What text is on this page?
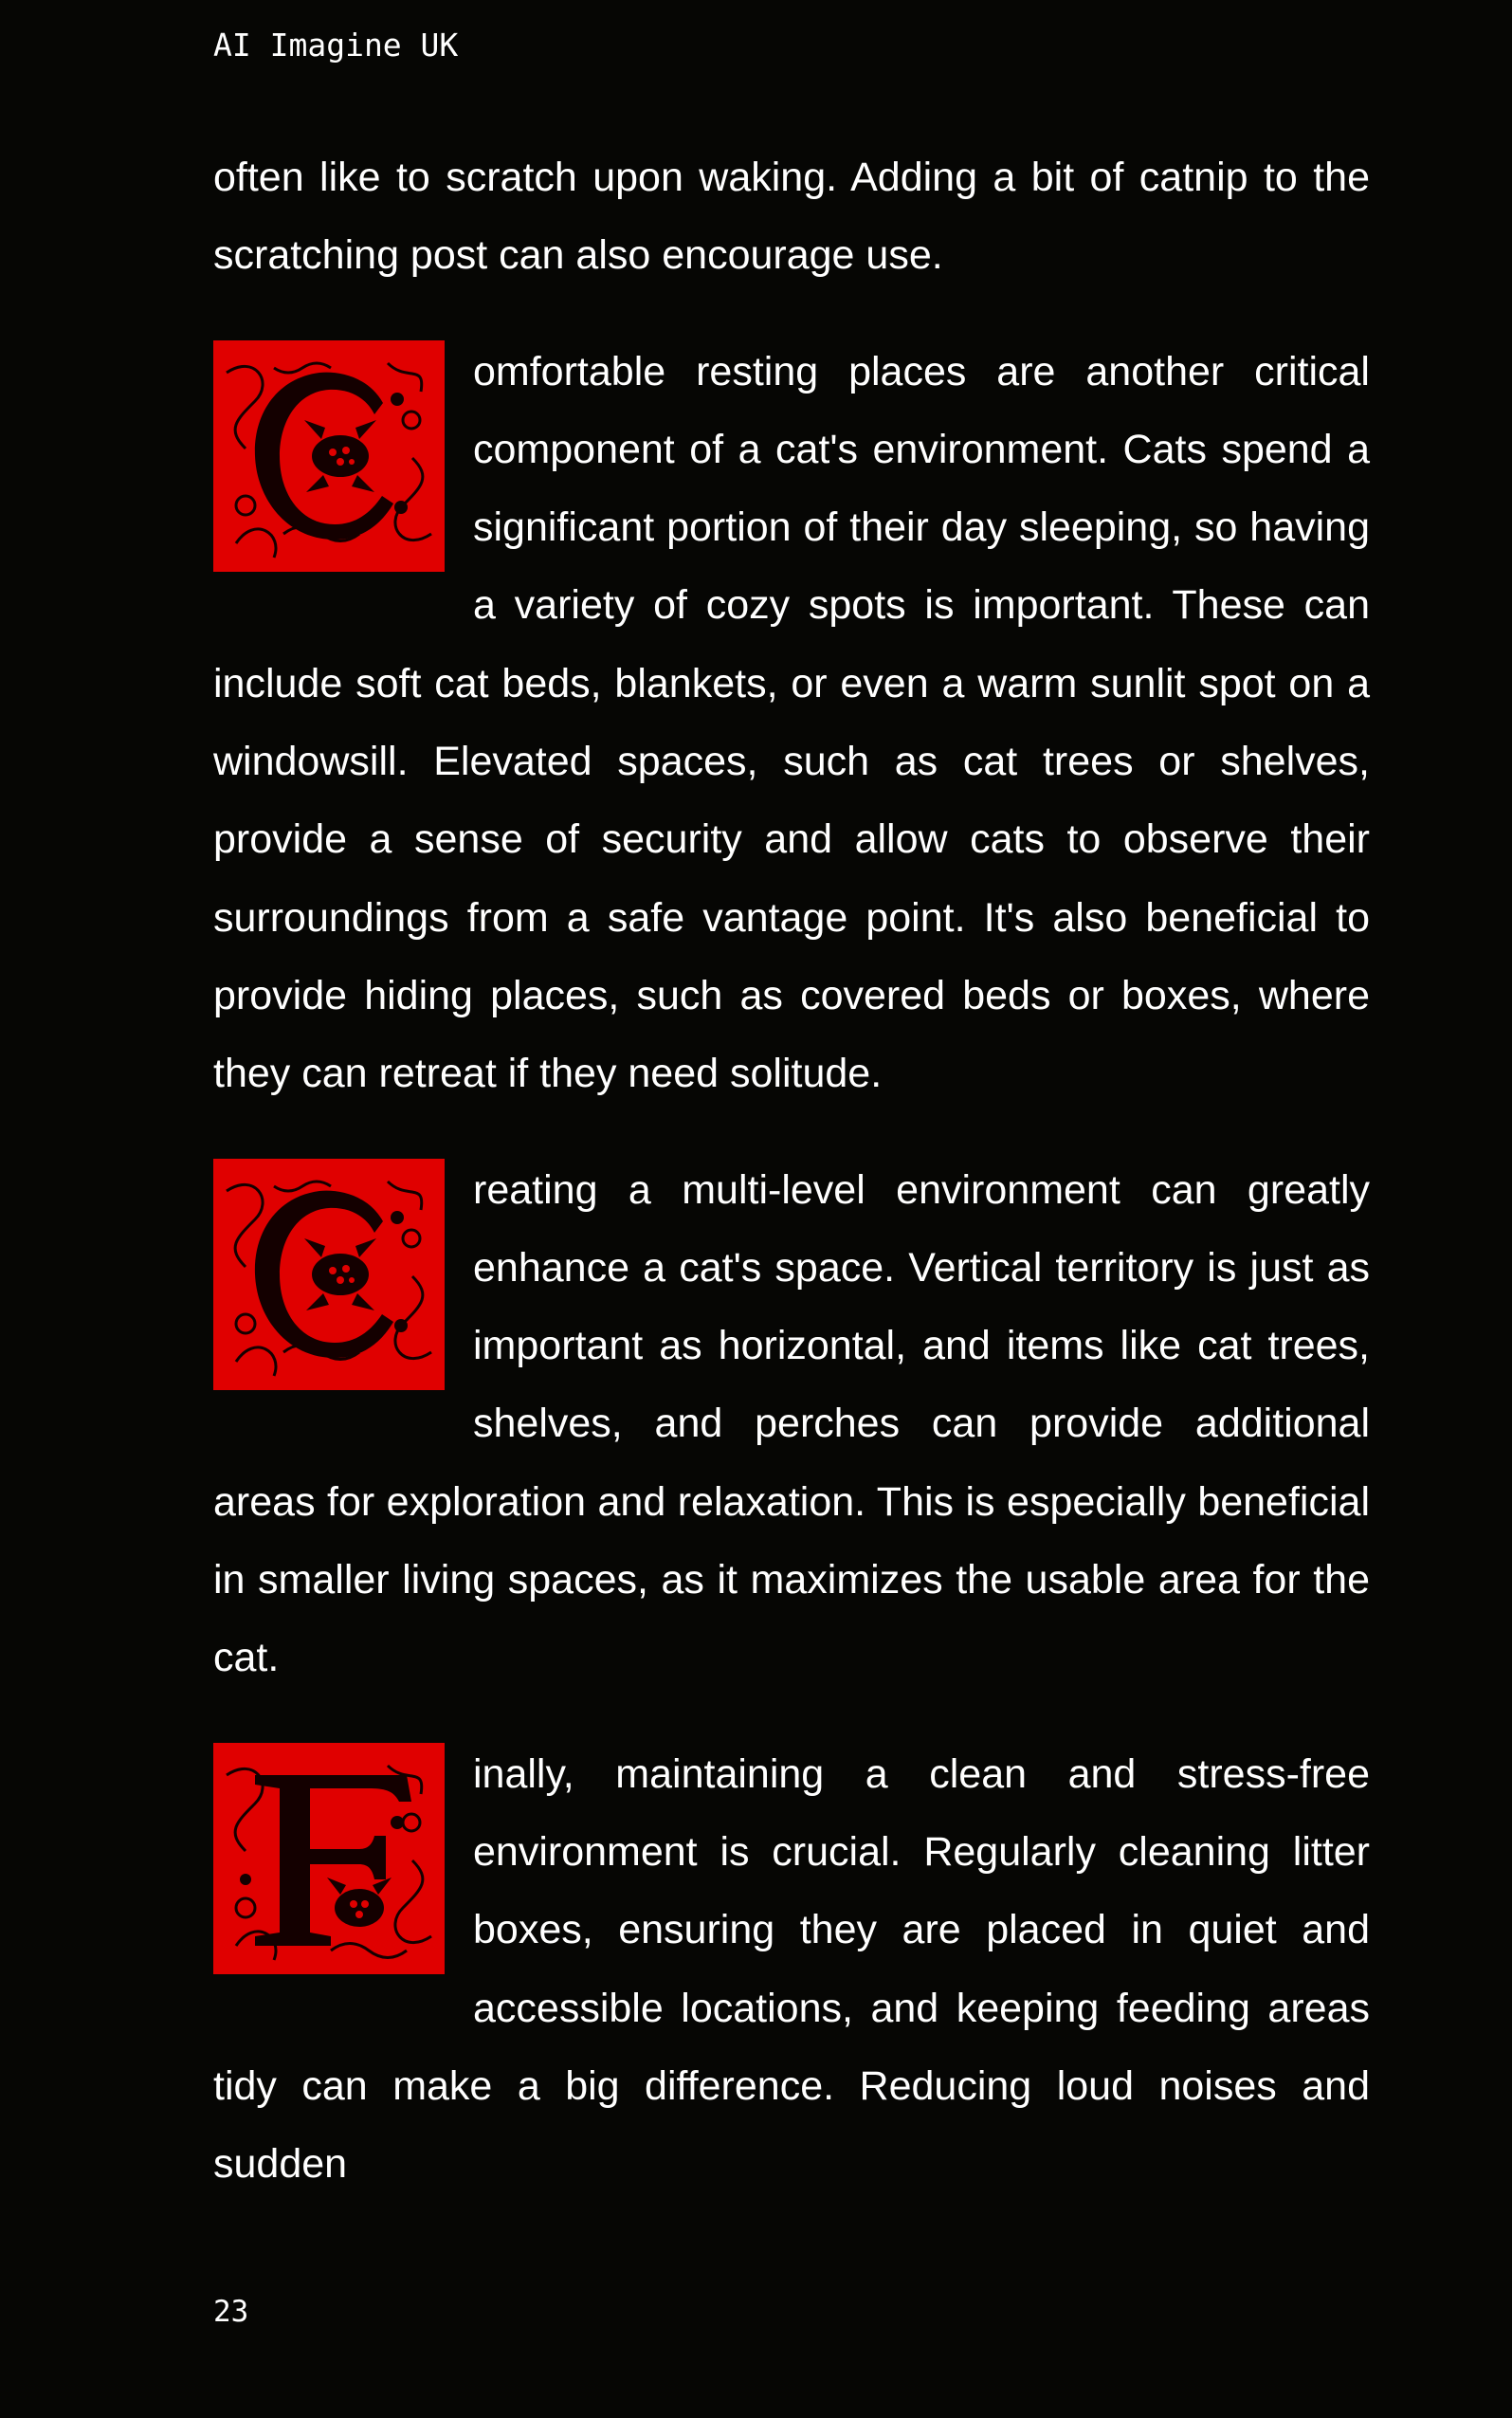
AI Imagine UK

often like to scratch upon waking. Adding a bit of catnip to the scratching post can also encourage use.

omfortable resting places are another critical component of a cat's environment. Cats spend a significant portion of their day sleeping, so having a variety of cozy spots is important. These can include soft cat beds, blankets, or even a warm sunlit spot on a windowsill. Elevated spaces, such as cat trees or shelves, provide a sense of security and allow cats to observe their surroundings from a safe vantage point. It's also beneficial to provide hiding places, such as covered beds or boxes, where they can retreat if they need solitude.

reating a multi-level environment can greatly enhance a cat's space. Vertical territory is just as important as horizontal, and items like cat trees, shelves, and perches can provide additional areas for exploration and relaxation. This is especially beneficial in smaller living spaces, as it maximizes the usable area for the cat.

inally, maintaining a clean and stress-free environment is crucial. Regularly cleaning litter boxes, ensuring they are placed in quiet and accessible locations, and keeping feeding areas tidy can make a big difference. Reducing loud noises and sudden

23
